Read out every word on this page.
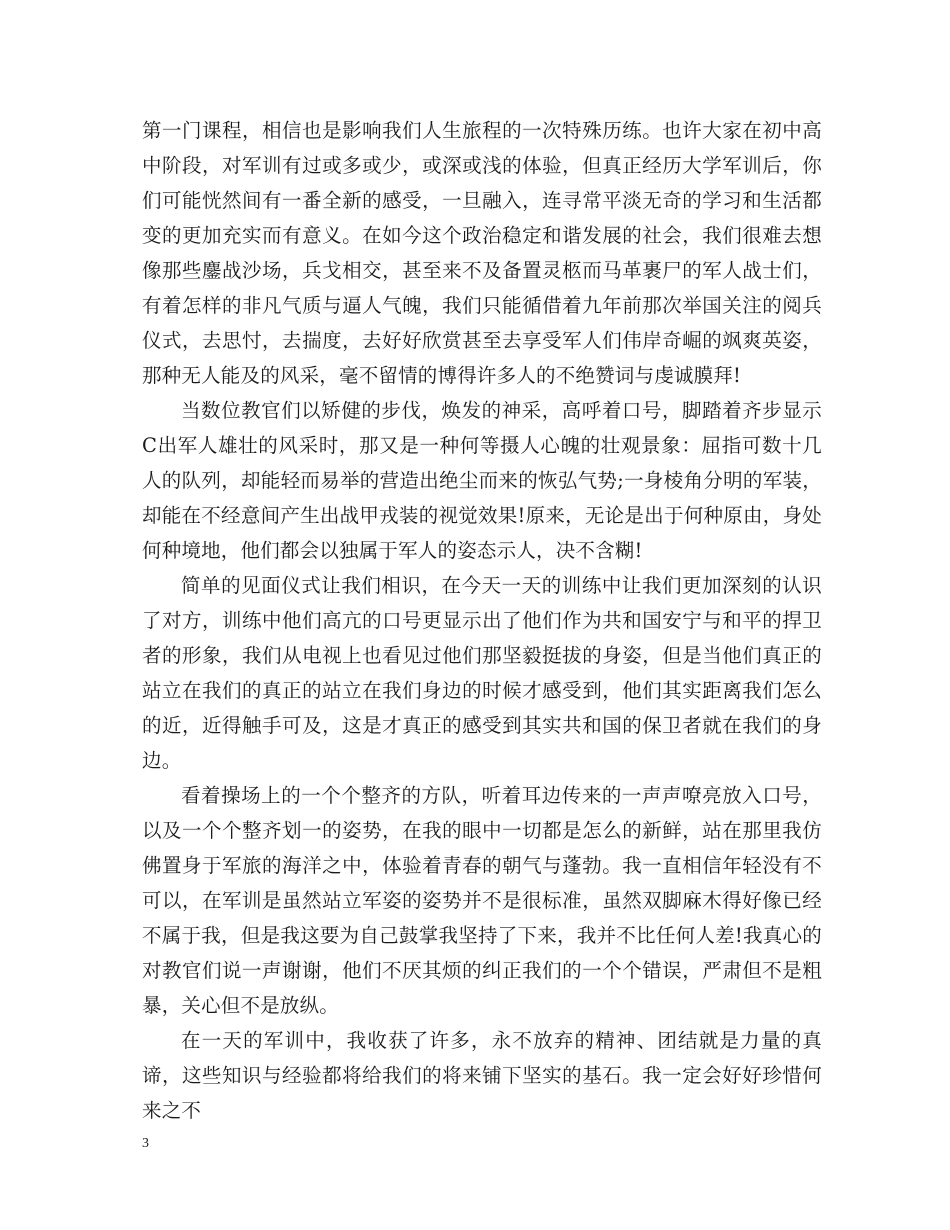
第一门课程，相信也是影响我们人生旅程的一次特殊历练。也许大家在初中高中阶段，对军训有过或多或少，或深或浅的体验，但真正经历大学军训后，你们可能恍然间有一番全新的感受，一旦融入，连寻常平淡无奇的学习和生活都变的更加充实而有意义。在如今这个政治稳定和谐发展的社会，我们很难去想像那些鏖战沙场，兵戈相交，甚至来不及备置灵柩而马革裹尸的军人战士们，有着怎样的非凡气质与逼人气魄，我们只能循借着九年前那次举国关注的阅兵仪式，去思忖，去揣度，去好好欣赏甚至去享受军人们伟岸奇崛的飒爽英姿，那种无人能及的风采，毫不留情的博得许多人的不绝赞词与虔诚膜拜!

当数位教官们以矫健的步伐，焕发的神采，高呼着口号，脚踏着齐步显示C出军人雄壮的风采时，那又是一种何等摄人心魄的壮观景象：屈指可数十几人的队列，却能轻而易举的营造出绝尘而来的恢弘气势;一身棱角分明的军装，却能在不经意间产生出战甲戎装的视觉效果!原来，无论是出于何种原由，身处何种境地，他们都会以独属于军人的姿态示人，决不含糊!

简单的见面仪式让我们相识，在今天一天的训练中让我们更加深刻的认识了对方，训练中他们高亢的口号更显示出了他们作为共和国安宁与和平的捍卫者的形象，我们从电视上也看见过他们那坚毅挺拔的身姿，但是当他们真正的站立在我们的真正的站立在我们身边的时候才感受到，他们其实距离我们怎么的近，近得触手可及，这是才真正的感受到其实共和国的保卫者就在我们的身边。

看着操场上的一个个整齐的方队，听着耳边传来的一声声嘹亮放入口号，以及一个个整齐划一的姿势，在我的眼中一切都是怎么的新鲜，站在那里我仿佛置身于军旅的海洋之中，体验着青春的朝气与蓬勃。我一直相信年轻没有不可以，在军训是虽然站立军姿的姿势并不是很标准，虽然双脚麻木得好像已经不属于我，但是我这要为自己鼓掌我坚持了下来，我并不比任何人差!我真心的对教官们说一声谢谢，他们不厌其烦的纠正我们的一个个错误，严肃但不是粗暴，关心但不是放纵。

在一天的军训中，我收获了许多，永不放弃的精神、团结就是力量的真谛，这些知识与经验都将给我们的将来铺下坚实的基石。我一定会好好珍惜何来之不

3
